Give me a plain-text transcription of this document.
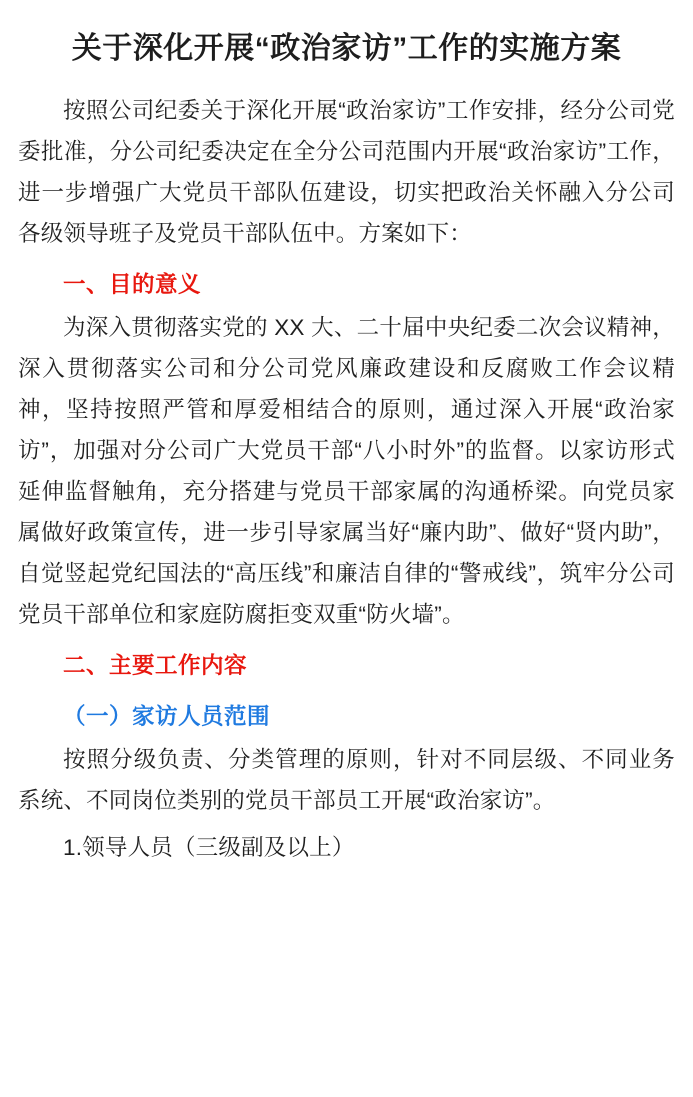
关于深化开展“政治家访”工作的实施方案

按照公司纪委关于深化开展“政治家访”工作安排，经分公司党委批准，分公司纪委决定在全分公司范围内开展“政治家访”工作，进一步增强广大党员干部队伍建设，切实把政治关怀融入分公司各级领导班子及党员干部队伍中。方案如下：

一、目的意义

为深入贯彻落实党的 XX 大、二十届中央纪委二次会议精神，深入贯彻落实公司和分公司党风廉政建设和反腐败工作会议精神，坚持按照严管和厚爱相结合的原则，通过深入开展“政治家访”，加强对分公司广大党员干部“八小时外”的监督。以家访形式延伸监督触角，充分搭建与党员干部家属的沟通桥梁。向党员家属做好政策宣传，进一步引导家属当好“廉内助”、做好“贤内助”，自觉竖起党纪国法的“高压线”和廉洁自律的“警戒线”，筑牢分公司党员干部单位和家庭防腐拒变双重“防火墙”。

二、主要工作内容

（一）家访人员范围

按照分级负责、分类管理的原则，针对不同层级、不同业务系统、不同岗位类别的党员干部员工开展“政治家访”。

1.领导人员（三级副及以上）
